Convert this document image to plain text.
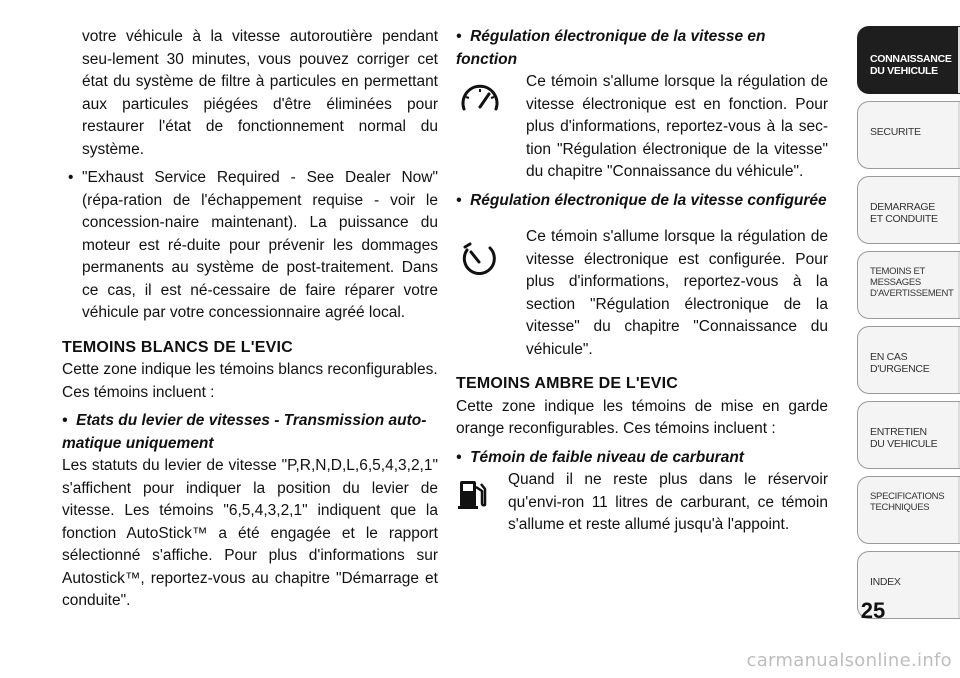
votre véhicule à la vitesse autoroutière pendant seu-lement 30 minutes, vous pouvez corriger cet état du système de filtre à particules en permettant aux particules piégées d'être éliminées pour restaurer l'état de fonctionnement normal du système.

• "Exhaust Service Required - See Dealer Now" (répa-ration de l'échappement requise - voir le concession-naire maintenant). La puissance du moteur est ré-duite pour prévenir les dommages permanents au système de post-traitement. Dans ce cas, il est né-cessaire de faire réparer votre véhicule par votre concessionnaire agréé local.

TEMOINS BLANCS DE L'EVIC

Cette zone indique les témoins blancs reconfigurables. Ces témoins incluent :

• Etats du levier de vitesses - Transmission auto-matique uniquement

Les statuts du levier de vitesse "P,R,N,D,L,6,5,4,3,2,1" s'affichent pour indiquer la position du levier de vitesse. Les témoins "6,5,4,3,2,1" indiquent que la fonction AutoStick™ a été engagée et le rapport sélectionné s'affiche. Pour plus d'informations sur Autostick™, reportez-vous au chapitre "Démarrage et conduite".

• Régulation électronique de la vitesse en fonction

Ce témoin s'allume lorsque la régulation de vitesse électronique est en fonction. Pour plus d'informations, reportez-vous à la sec-tion "Régulation électronique de la vitesse" du chapitre "Connaissance du véhicule".

• Régulation électronique de la vitesse configurée

Ce témoin s'allume lorsque la régulation de vitesse électronique est configurée. Pour plus d'informations, reportez-vous à la section "Régulation électronique de la vitesse" du chapitre "Connaissance du véhicule".

TEMOINS AMBRE DE L'EVIC

Cette zone indique les témoins de mise en garde orange reconfigurables. Ces témoins incluent :

• Témoin de faible niveau de carburant

Quand il ne reste plus dans le réservoir qu'envi-ron 11 litres de carburant, ce témoin s'allume et reste allumé jusqu'à l'appoint.

CONNAISSANCE
DU VEHICULE
SECURITE
DEMARRAGE
ET CONDUITE
TEMOINS ET
MESSAGES
D'AVERTISSEMENT
EN CAS
D'URGENCE
ENTRETIEN
DU VEHICULE
SPECIFICATIONS
TECHNIQUES
INDEX
25
carmanualsonline.info
